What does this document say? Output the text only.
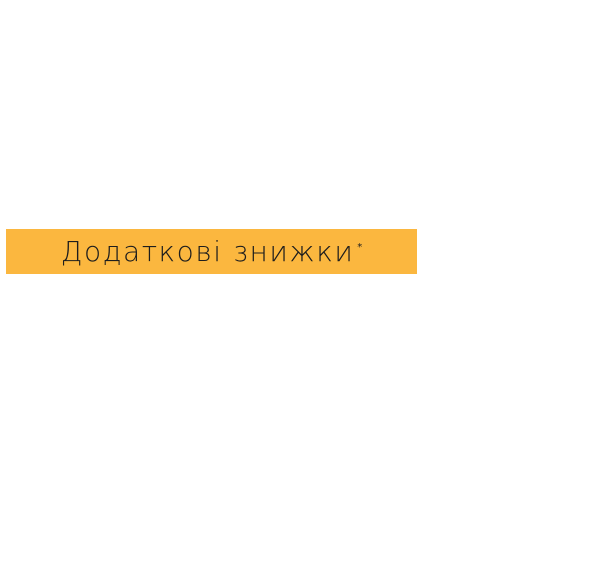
Додаткові знижки *
